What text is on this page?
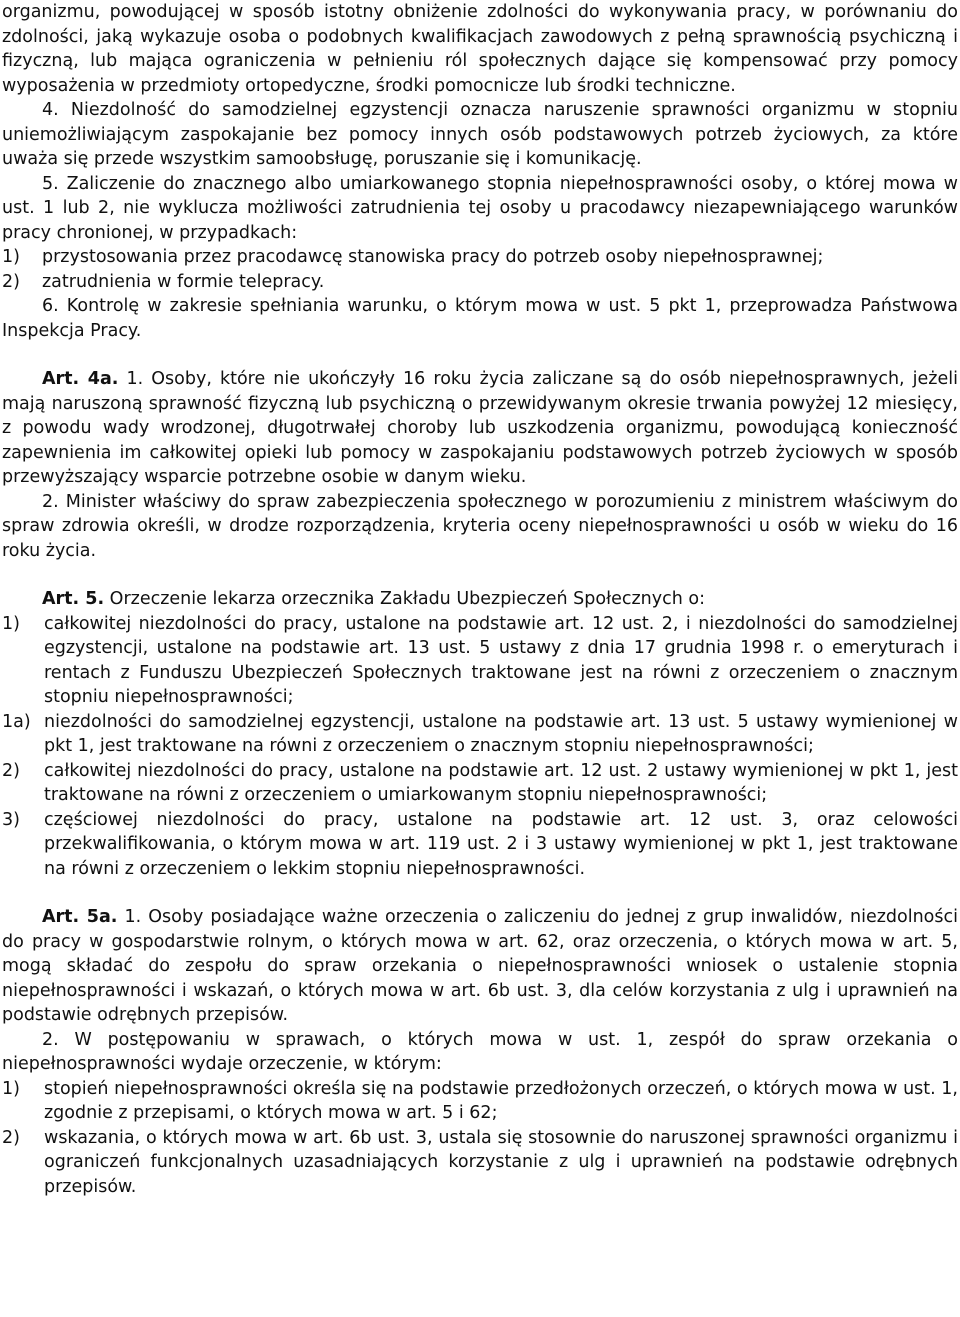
organizmu, powodującej w sposób istotny obniżenie zdolności do wykonywania pracy, w porównaniu do zdolności, jaką wykazuje osoba o podobnych kwalifikacjach zawodowych z pełną sprawnością psychiczną i fizyczną, lub mająca ograniczenia w pełnieniu ról społecznych dające się kompensować przy pomocy wyposażenia w przedmioty ortopedyczne, środki pomocnicze lub środki techniczne.

4. Niezdolność do samodzielnej egzystencji oznacza naruszenie sprawności organizmu w stopniu uniemożliwiającym zaspokajanie bez pomocy innych osób podstawowych potrzeb życiowych, za które uważa się przede wszystkim samoobsługę, poruszanie się i komunikację.

5. Zaliczenie do znacznego albo umiarkowanego stopnia niepełnosprawności osoby, o której mowa w ust. 1 lub 2, nie wyklucza możliwości zatrudnienia tej osoby u pracodawcy niezapewniającego warunków pracy chronionej, w przypadkach:

1)	przystosowania przez pracodawcę stanowiska pracy do potrzeb osoby niepełnosprawnej;
2)	zatrudnienia w formie telepracy.

6. Kontrolę w zakresie spełniania warunku, o którym mowa w ust. 5 pkt 1, przeprowadza Państwowa Inspekcja Pracy.

Art. 4a. 1. Osoby, które nie ukończyły 16 roku życia zaliczane są do osób niepełnosprawnych, jeżeli mają naruszoną sprawność fizyczną lub psychiczną o przewidywanym okresie trwania powyżej 12 miesięcy, z powodu wady wrodzonej, długotrwałej choroby lub uszkodzenia organizmu, powodującą konieczność zapewnienia im całkowitej opieki lub pomocy w zaspokajaniu podstawowych potrzeb życiowych w sposób przewyższający wsparcie potrzebne osobie w danym wieku.

2. Minister właściwy do spraw zabezpieczenia społecznego w porozumieniu z ministrem właściwym do spraw zdrowia określi, w drodze rozporządzenia, kryteria oceny niepełnosprawności u osób w wieku do 16 roku życia.

Art. 5. Orzeczenie lekarza orzecznika Zakładu Ubezpieczeń Społecznych o:

1)	całkowitej niezdolności do pracy, ustalone na podstawie art. 12 ust. 2, i niezdolności do samodzielnej egzystencji, ustalone na podstawie art. 13 ust. 5 ustawy z dnia 17 grudnia 1998 r. o emeryturach i rentach z Funduszu Ubezpieczeń Społecznych traktowane jest na równi z orzeczeniem o znacznym stopniu niepełnosprawności;
1a) niezdolności do samodzielnej egzystencji, ustalone na podstawie art. 13 ust. 5 ustawy wymienionej w pkt 1, jest traktowane na równi z orzeczeniem o znacznym stopniu niepełnosprawności;
2)	całkowitej niezdolności do pracy, ustalone na podstawie art. 12 ust. 2 ustawy wymienionej w pkt 1, jest traktowane na równi z orzeczeniem o umiarkowanym stopniu niepełnosprawności;
3)	częściowej niezdolności do pracy, ustalone na podstawie art. 12 ust. 3, oraz celowości przekwalifikowania, o którym mowa w art. 119 ust. 2 i 3 ustawy wymienionej w pkt 1, jest traktowane na równi z orzeczeniem o lekkim stopniu niepełnosprawności.

Art. 5a. 1. Osoby posiadające ważne orzeczenia o zaliczeniu do jednej z grup inwalidów, niezdolności do pracy w gospodarstwie rolnym, o których mowa w art. 62, oraz orzeczenia, o których mowa w art. 5, mogą składać do zespołu do spraw orzekania o niepełnosprawności wniosek o ustalenie stopnia niepełnosprawności i wskazań, o których mowa w art. 6b ust. 3, dla celów korzystania z ulg i uprawnień na podstawie odrębnych przepisów.

2. W postępowaniu w sprawach, o których mowa w ust. 1, zespół do spraw orzekania o niepełnosprawności wydaje orzeczenie, w którym:

1)	stopień niepełnosprawności określa się na podstawie przedłożonych orzeczeń, o których mowa w ust. 1, zgodnie z przepisami, o których mowa w art. 5 i 62;
2)	wskazania, o których mowa w art. 6b ust. 3, ustala się stosownie do naruszonej sprawności organizmu i ograniczeń funkcjonalnych uzasadniających korzystanie z ulg i uprawnień na podstawie odrębnych przepisów.
